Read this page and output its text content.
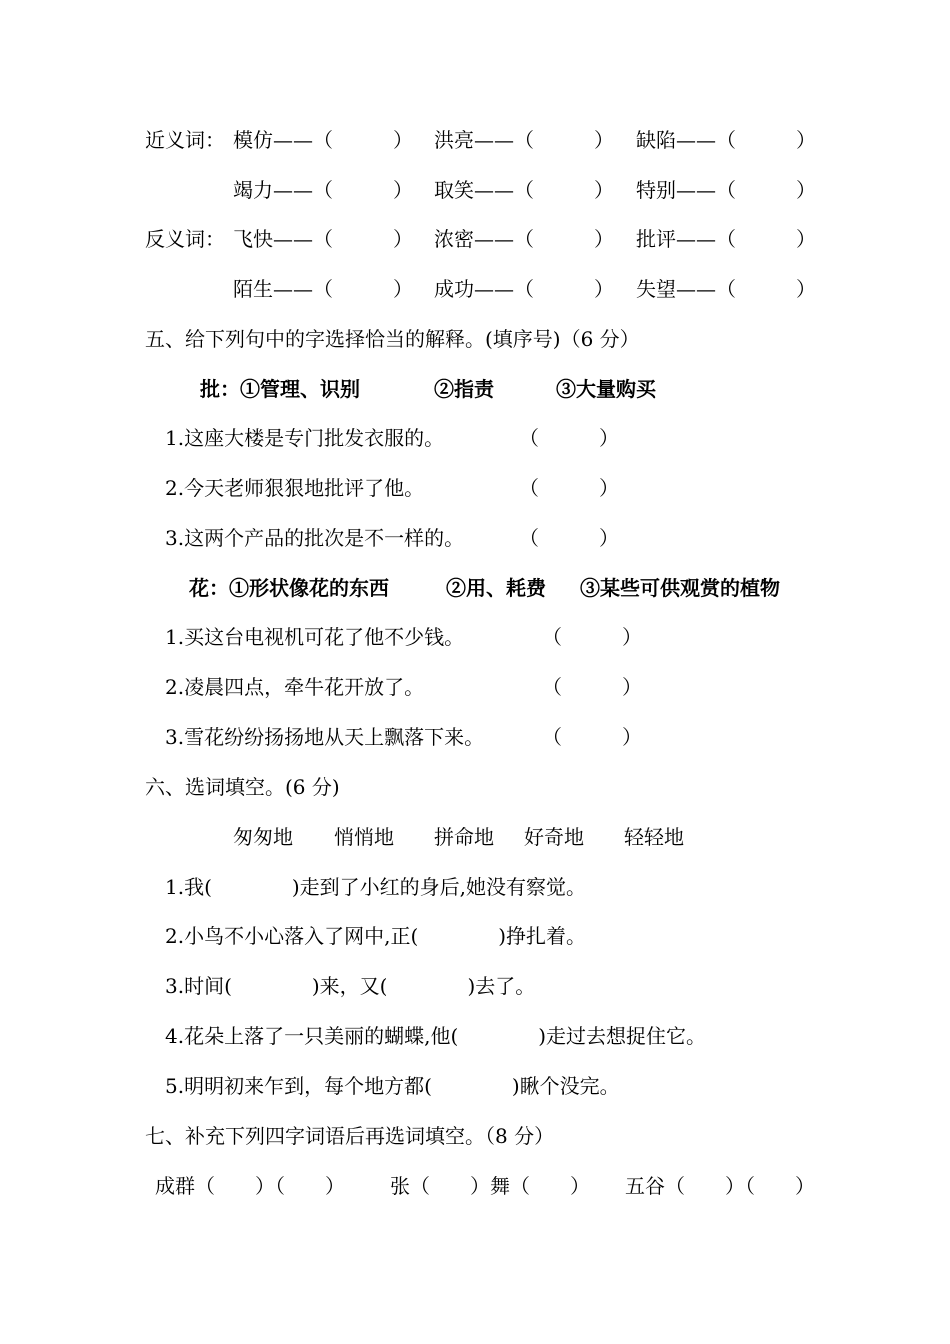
近义词： 模仿——（　　　） 洪亮——（　　　） 缺陷——（　　　）
竭力——（　　　） 取笑——（　　　） 特别——（　　　）
反义词： 飞快——（　　　） 浓密——（　　　） 批评——（　　　）
陌生——（　　　） 成功——（　　　） 失望——（　　　）
五、给下列句中的字选择恰当的解释。(填序号)（6 分）
批：①管理、识别	②指责	③大量购买
1.这座大楼是专门批发衣服的。	（　　　）
2.今天老师狠狠地批评了他。	（　　　）
3.这两个产品的批次是不一样的。	（　　　）
花：①形状像花的东西	②用、耗费 ③某些可供观赏的植物
1.买这台电视机可花了他不少钱。	（　　　）
2.凌晨四点，牵牛花开放了。	（　　　）
3.雪花纷纷扬扬地从天上飘落下来。	（　　　）
六、选词填空。(6 分)
匆匆地 悄悄地 拼命地 好奇地 轻轻地
1.我(　　　　)走到了小红的身后,她没有察觉。
2.小鸟不小心落入了网中,正(　　　　)挣扎着。
3.时间(　　　　)来，又(　　　　)去了。
4.花朵上落了一只美丽的蝴蝶,他(　　　　)走过去想捉住它。
5.明明初来乍到，每个地方都(　　　　)瞅个没完。
七、补充下列四字词语后再选词填空。（8 分）
成群（　　）（　　） 张（　　）舞（　　） 五谷（　　）（　　）
